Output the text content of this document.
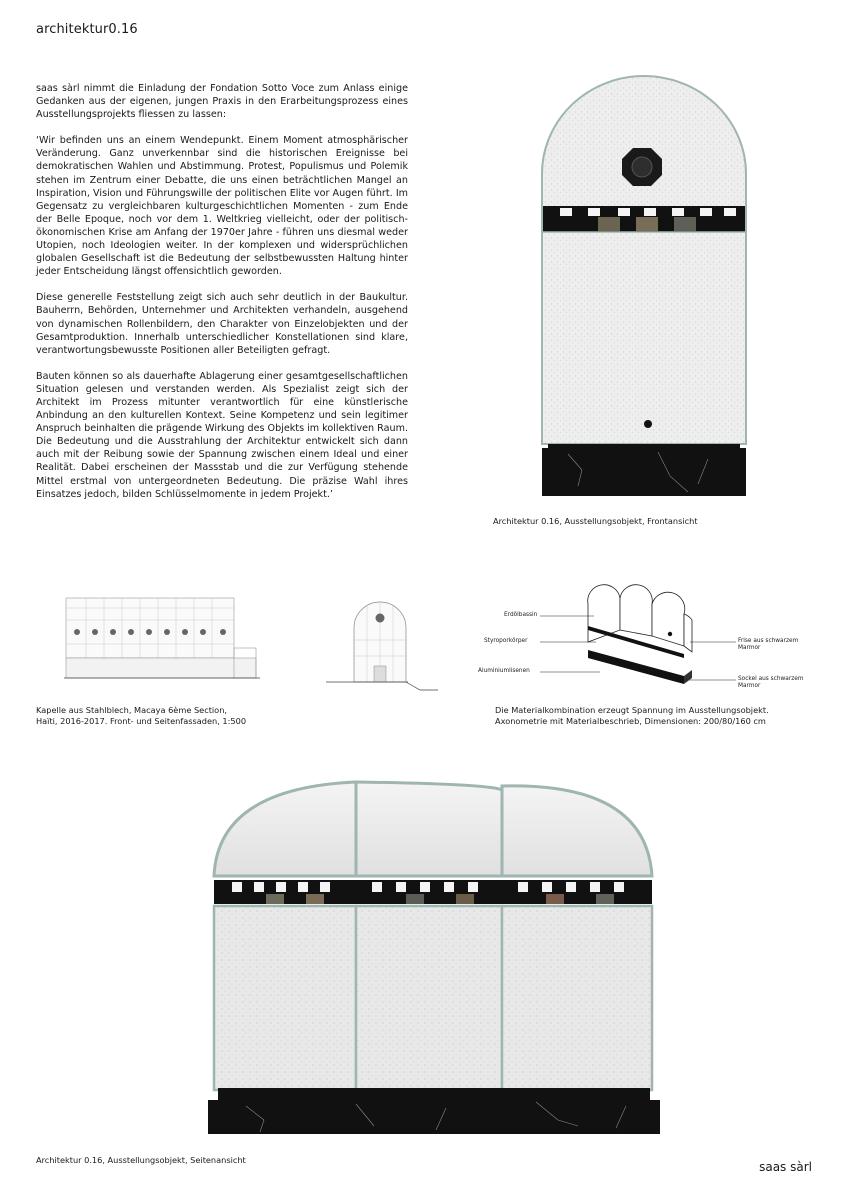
architektur0.16

saas sàrl nimmt die Einladung der Fondation Sotto Voce zum Anlass einige Gedanken aus der eigenen, jungen Praxis in den Erarbeitungsprozess eines Ausstellungsprojekts fliessen zu lassen:

‘Wir befinden uns an einem Wendepunkt. Einem Moment atmosphärischer Veränderung. Ganz unverkennbar sind die historischen Ereignisse bei demokratischen Wahlen und Abstimmung. Protest, Populismus und Polemik stehen im Zentrum einer Debatte, die uns einen beträchtlichen Mangel an Inspiration, Vision und Führungswille der politischen Elite vor Augen führt. Im Gegensatz zu vergleichbaren kulturgeschichtlichen Momenten - zum Ende der Belle Epoque, noch vor dem 1. Weltkrieg vielleicht, oder der politisch-ökonomischen Krise am Anfang der 1970er Jahre - führen uns diesmal weder Utopien, noch Ideologien weiter. In der komplexen und widersprüchlichen globalen Gesellschaft ist die Bedeutung der selbstbewussten Haltung hinter jeder Entscheidung längst offensichtlich geworden.

Diese generelle Feststellung zeigt sich auch sehr deutlich in der Baukultur. Bauherrn, Behörden, Unternehmer und Architekten verhandeln, ausgehend von dynamischen Rollenbildern, den Charakter von Einzelobjekten und der Gesamtproduktion. Innerhalb unterschiedlicher Konstellationen sind klare, verantwortungsbewusste Positionen aller Beteiligten gefragt.

Bauten können so als dauerhafte Ablagerung einer gesamtgesellschaftlichen Situation gelesen und verstanden werden. Als Spezialist zeigt sich der Architekt im Prozess mitunter verantwortlich für eine künstlerische Anbindung an den kulturellen Kontext. Seine Kompetenz und sein legitimer Anspruch beinhalten die prägende Wirkung des Objekts im kollektiven Raum. Die Bedeutung und die Ausstrahlung der Architektur entwickelt sich dann auch mit der Reibung sowie der Spannung zwischen einem Ideal und einer Realität. Dabei erscheinen der Massstab und die zur Verfügung stehende Mittel erstmal von untergeordneten Bedeutung. Die präzise Wahl ihres Einsatzes jedoch, bilden Schlüsselmomente in jedem Projekt.’

Architektur 0.16, Ausstellungsobjekt, Frontansicht
Kapelle aus Stahlblech, Macaya 6ème Section,
Haïti, 2016-2017. Front- und Seitenfassaden, 1:500
Erdölbassin
Styroporkörper
Aluminiumlisenen
Frise aus schwarzem
Marmor
Sockel aus schwarzem
Marmor
Die Materialkombination erzeugt Spannung im Ausstellungsobjekt.
Axonometrie mit Materialbeschrieb, Dimensionen: 200/80/160 cm
Architektur 0.16, Ausstellungsobjekt, Seitenansicht	saas sàrl
